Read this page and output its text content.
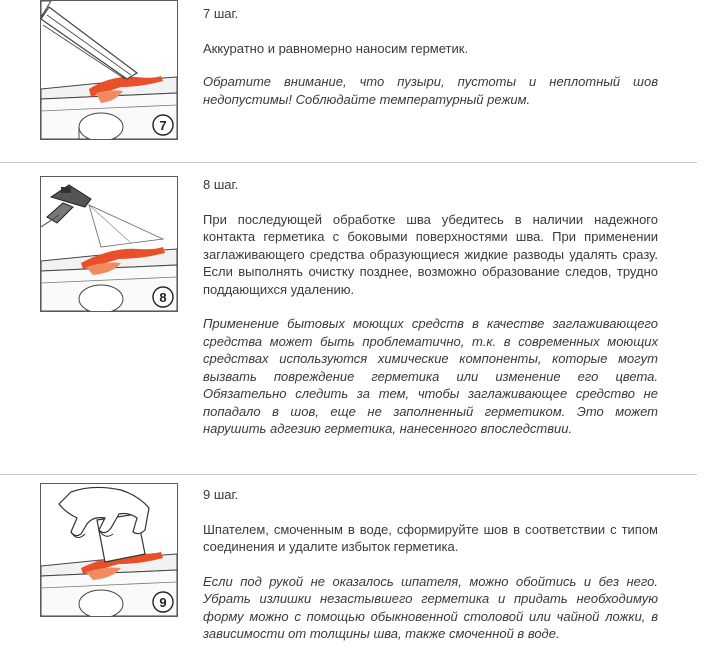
7

7 шаг.

Аккуратно и равномерно наносим герметик.

Обратите внимание, что пузыри, пустоты и неплотный шов недопустимы! Соблюдайте температурный режим.

8

8 шаг.

При последующей обработке шва убедитесь в наличии надежного контакта герметика с боковыми поверхностями шва. При применении заглаживающего средства образующиеся жидкие разводы удалять сразу. Если выполнять очистку позднее, возможно образование следов, трудно поддающихся удалению.

Применение бытовых моющих средств в качестве заглаживающего средства может быть проблематично, т.к. в современных моющих средствах используются химические компоненты, которые могут вызвать повреждение герметика или изменение его цвета. Обязательно следить за тем, чтобы заглаживающее средство не попадало в шов, еще не заполненный герметиком. Это может нарушить адгезию герметика, нанесенного впоследствии.

9

9 шаг.

Шпателем, смоченным в воде, сформируйте шов в соответствии с типом соединения и удалите избыток герметика.

Если под рукой не оказалось шпателя, можно обойтись и без него. Убрать излишки незастывшего герметика и придать необходимую форму можно с помощью обыкновенной столовой или чайной ложки, в зависимости от толщины шва, также смоченной в воде.
